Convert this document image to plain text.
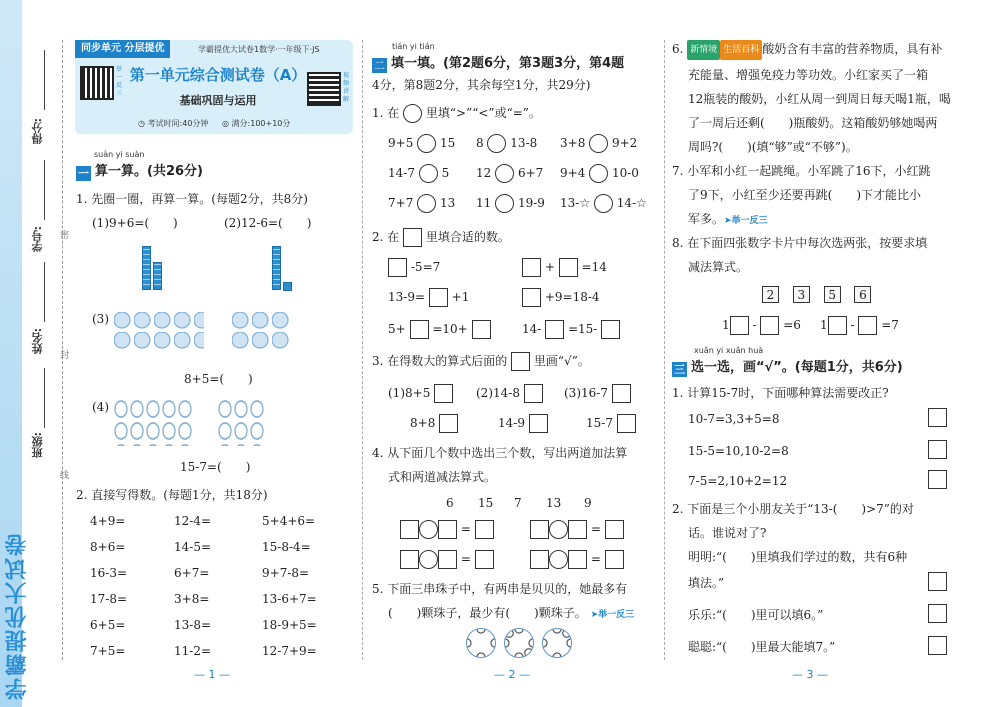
学霸提优大试卷
得分:
学号:
姓名:
班级:
密
封
线
同步单元 分层提优	学霸提优大试卷1数学·一年级下·JS
举一反三
第一单元综合测试卷（A）
基础巩固与运用
视频讲解
◷ 考试时间:40分钟 ◎ 满分:100+10分
suàn yi suàn
一 算一算。(共26分)
1. 先圈一圈，再算一算。(每题2分，共8分)
(1)9+6=(　　)	(2)12-6=(　　)
(3)
8+5=(　　)
(4)
15-7=(　　)
2. 直接写得数。(每题1分，共18分)
4+9=	12-4=	5+4+6=
8+6=	14-5=	15-8-4=
16-3=	6+7=	9+7-8=
17-8=	3+8=	13-6+7=
6+5=	13-8=	18-9+5=
7+5=	11-2=	12-7+9=
— 1 —
tián yi tián
二 填一填。(第2题6分，第3题3分，第4题
4分，第8题2分，其余每空1分，共29分)
1. 在 里填“>”“<”或“=”。
9+5 15 8 13-8 3+8 9+2
14-7 5 12 6+7 9+4 10-0
7+7 13 11 19-9 13-☆ 14-☆
2. 在 里填合适的数。
-5=7	+ =14
13-9= +1	+9=18-4
5+ =10+	14- =15-
3. 在得数大的算式后面的 里画“√”。
(1)8+5	(2)14-8	(3)16-7
8+8	14-9	15-7
4. 从下面几个数中选出三个数，写出两道加法算
式和两道减法算式。
6 15 7 13 9
=	=
=	=
5. 下面三串珠子中，有两串是贝贝的，她最多有
(　　)颗珠子，最少有(　　)颗珠子。 ➤举一反三
— 2 —
6. 新情境 生活百科 酸奶含有丰富的营养物质，具有补
充能量、增强免疫力等功效。小红家买了一箱
12瓶装的酸奶，小红从周一到周日每天喝1瓶，喝
了一周后还剩(　　)瓶酸奶。这箱酸奶够她喝两
周吗?(　　)(填“够”或“不够”)。
7. 小军和小红一起跳绳。小军跳了16下，小红跳
了9下，小红至少还要再跳(　　)下才能比小
军多。➤举一反三
8. 在下面四张数字卡片中每次选两张，按要求填
减法算式。
2 3 5 6
1 - =6 1 - =7
xuǎn yi xuǎn huà
三 选一选，画“√”。(每题1分，共6分)
1. 计算15-7时，下面哪种算法需要改正?
10-7=3,3+5=8
15-5=10,10-2=8
7-5=2,10+2=12
2. 下面是三个小朋友关于“13-(　　)>7”的对
话。谁说对了?
明明:“(　　)里填我们学过的数，共有6种
填法。”
乐乐:“(　　)里可以填6。”
聪聪:“(　　)里最大能填7。”
— 3 —
